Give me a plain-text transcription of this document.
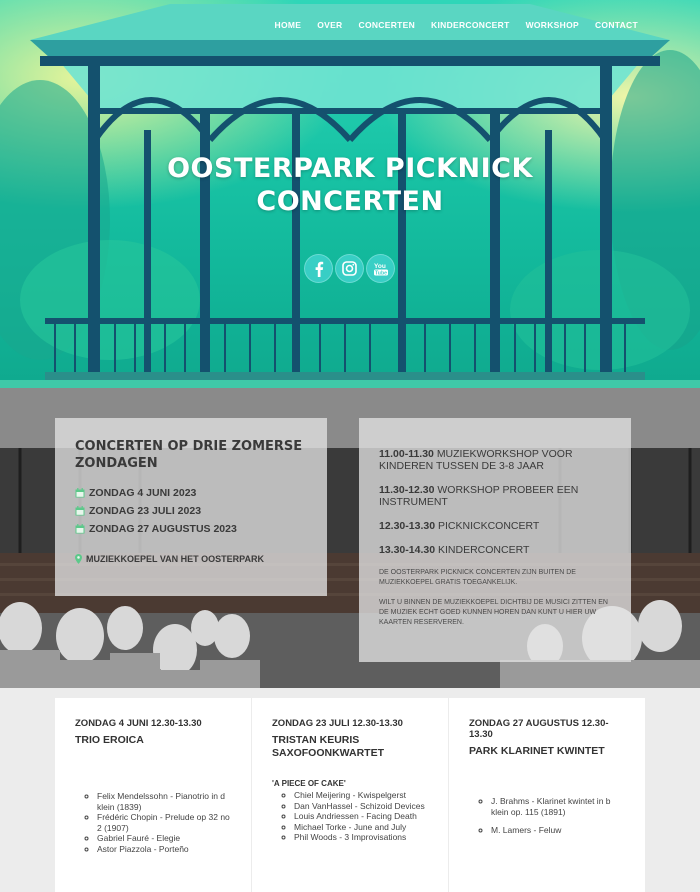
HOME OVER CONCERTEN KINDERCONCERT WORKSHOP CONTACT
OOSTERPARK PICKNICK
CONCERTEN
You
Tube
CONCERTEN OP DRIE ZOMERSE
ZONDAGEN
ZONDAG 4 JUNI 2023
ZONDAG 23 JULI 2023
ZONDAG 27 AUGUSTUS 2023
MUZIEKKOEPEL VAN HET OOSTERPARK
11.00-11.30 MUZIEKWORKSHOP VOOR KINDEREN TUSSEN DE 3-8 JAAR
11.30-12.30 WORKSHOP PROBEER EEN INSTRUMENT
12.30-13.30 PICKNICKCONCERT
13.30-14.30 KINDERCONCERT

DE OOSTERPARK PICKNICK CONCERTEN ZIJN BUITEN DE MUZIEKKOEPEL GRATIS TOEGANKELIJK.

WILT U BINNEN DE MUZIEKKOEPEL DICHTBIJ DE MUSICI ZITTEN EN DE MUZIEK ECHT GOED KUNNEN HOREN DAN KUNT U HIER UW KAARTEN RESERVEREN.

ZONDAG 4 JUNI 12.30-13.30
TRIO EROICA
◦ Felix Mendelssohn - Pianotrio in d klein (1839)
◦ Frédéric Chopin - Prelude op 32 no 2 (1907)
◦ Gabriel Fauré - Elegie
◦ Astor Piazzola - Porteño
ZONDAG 23 JULI 12.30-13.30
TRISTAN KEURIS SAXOFOONKWARTET
'A PIECE OF CAKE'
◦ Chiel Meijering - Kwispelgerst
◦ Dan VanHassel - Schizoid Devices
◦ Louis Andriessen - Facing Death
◦ Michael Torke - June and July
◦ Phil Woods - 3 Improvisations
ZONDAG 27 AUGUSTUS 12.30-13.30
PARK KLARINET KWINTET
◦ J. Brahms - Klarinet kwintet in b klein op. 115 (1891)
◦ M. Lamers - Feluw
